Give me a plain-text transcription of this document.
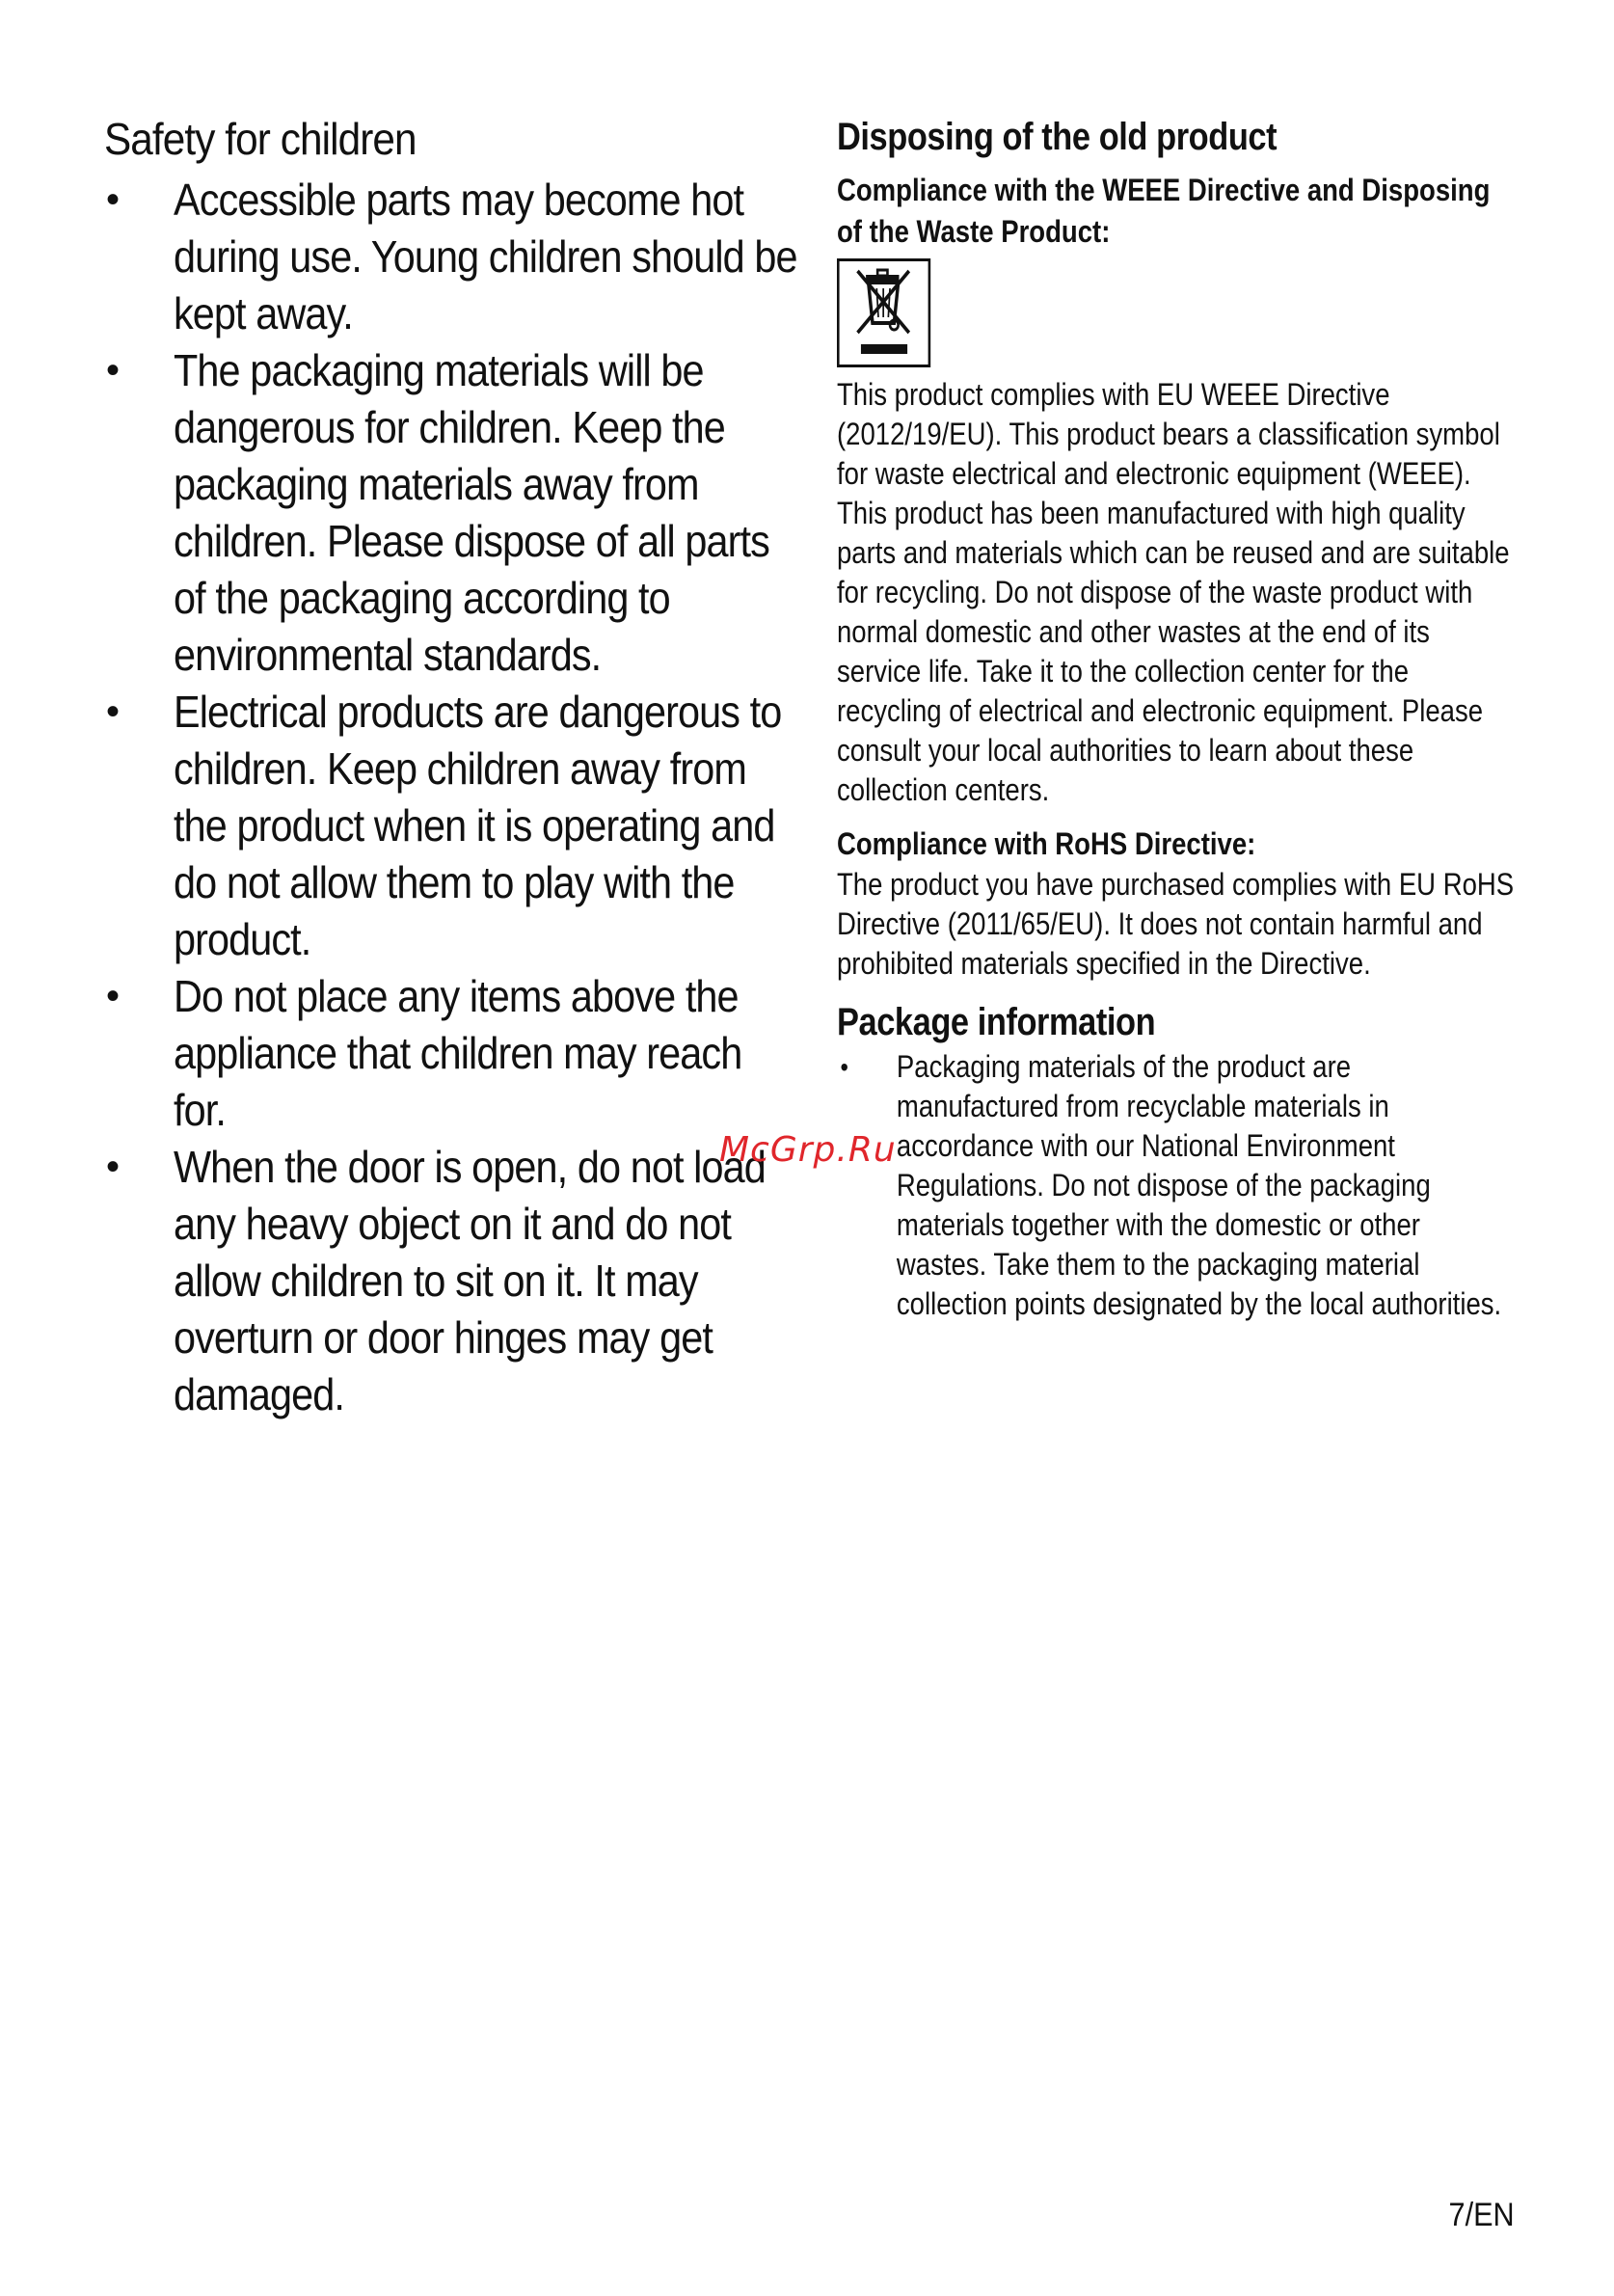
Safety for children
• Accessible parts may become hot during use. Young children should be kept away.
• The packaging materials will be dangerous for children. Keep the packaging materials away from children. Please dispose of all parts of the packaging according to environmental standards.
• Electrical products are dangerous to children. Keep children away from the product when it is operating and do not allow them to play with the product.
• Do not place any items above the appliance that children may reach for.
• When the door is open, do not load any heavy object on it and do not allow children to sit on it. It may overturn or door hinges may get damaged.
Disposing of the old product
Compliance with the WEEE Directive and Disposing of the Waste Product:

This product complies with EU WEEE Directive (2012/19/EU). This product bears a classification symbol for waste electrical and electronic equipment (WEEE).

This product has been manufactured with high quality parts and materials which can be reused and are suitable for recycling. Do not dispose of the waste product with normal domestic and other wastes at the end of its service life. Take it to the collection center for the recycling of electrical and electronic equipment. Please consult your local authorities to learn about these collection centers.

Compliance with RoHS Directive:

The product you have purchased complies with EU RoHS Directive (2011/65/EU). It does not contain harmful and prohibited materials specified in the Directive.

Package information
• Packaging materials of the product are manufactured from recyclable materials in accordance with our National Environment Regulations. Do not dispose of the packaging materials together with the domestic or other wastes. Take them to the packaging material collection points designated by the local authorities.
McGrp.Ru
7/EN
